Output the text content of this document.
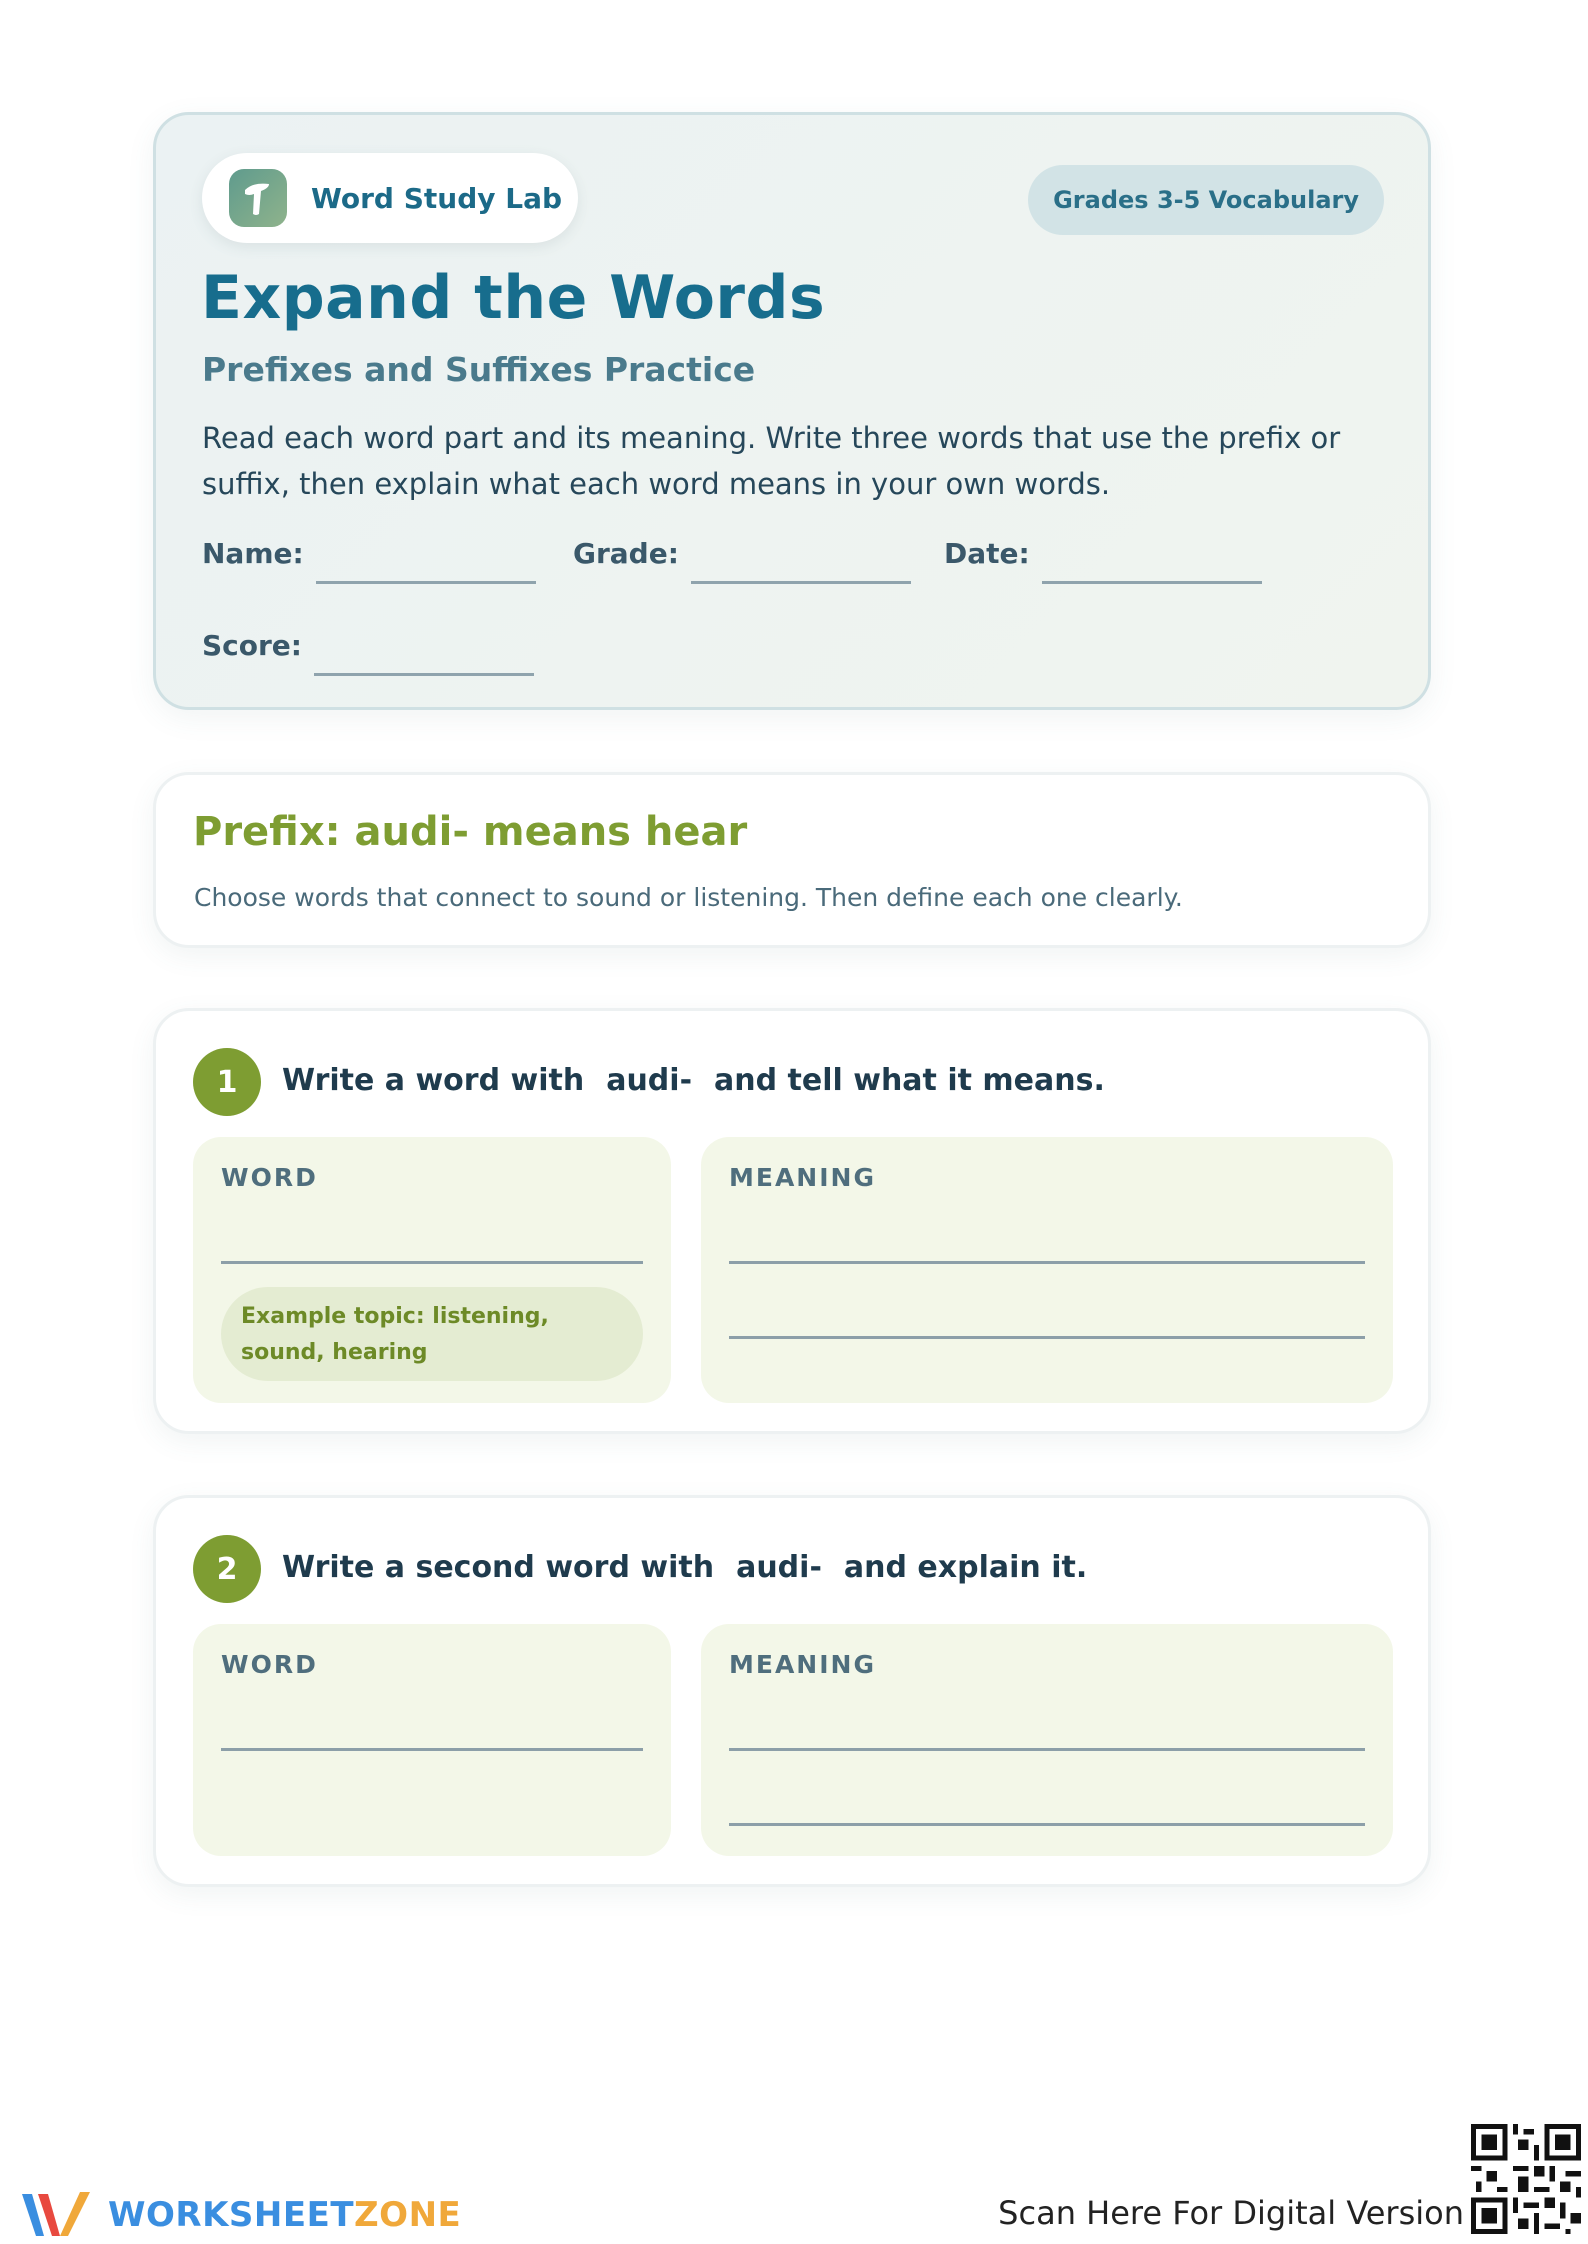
Word Study Lab	Grades 3-5 Vocabulary
Expand the Words
Prefixes and Suffixes Practice

Read each word part and its meaning. Write three words that use the prefix or suffix, then explain what each word means in your own words.

Name:	Grade:	Date:
Score:
Prefix: audi- means hear

Choose words that connect to sound or listening. Then define each one clearly.

1	Write a word with audi- and tell what it means.

WORD
Example topic: listening, sound, hearing
MEANING
2	Write a second word with audi- and explain it.

WORD	MEANING
WORKSHEETZONE	Scan Here For Digital Version
